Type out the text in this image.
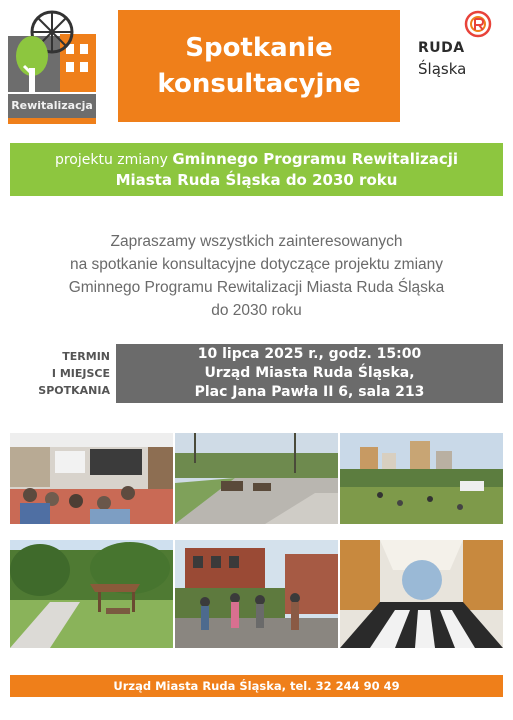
Rewitalizacja
Spotkanie
konsultacyjne
RUDA
Śląska
projektu zmiany Gminnego Programu Rewitalizacji
Miasta Ruda Śląska do 2030 roku
Zapraszamy wszystkich zainteresowanych
na spotkanie konsultacyjne dotyczące projektu zmiany
Gminnego Programu Rewitalizacji Miasta Ruda Śląska
do 2030 roku
TERMIN
I MIEJSCE
SPOTKANIA
10 lipca 2025 r., godz. 15:00
Urząd Miasta Ruda Śląska,
Plac Jana Pawła II 6, sala 213
Urząd Miasta Ruda Śląska, tel. 32 244 90 49
